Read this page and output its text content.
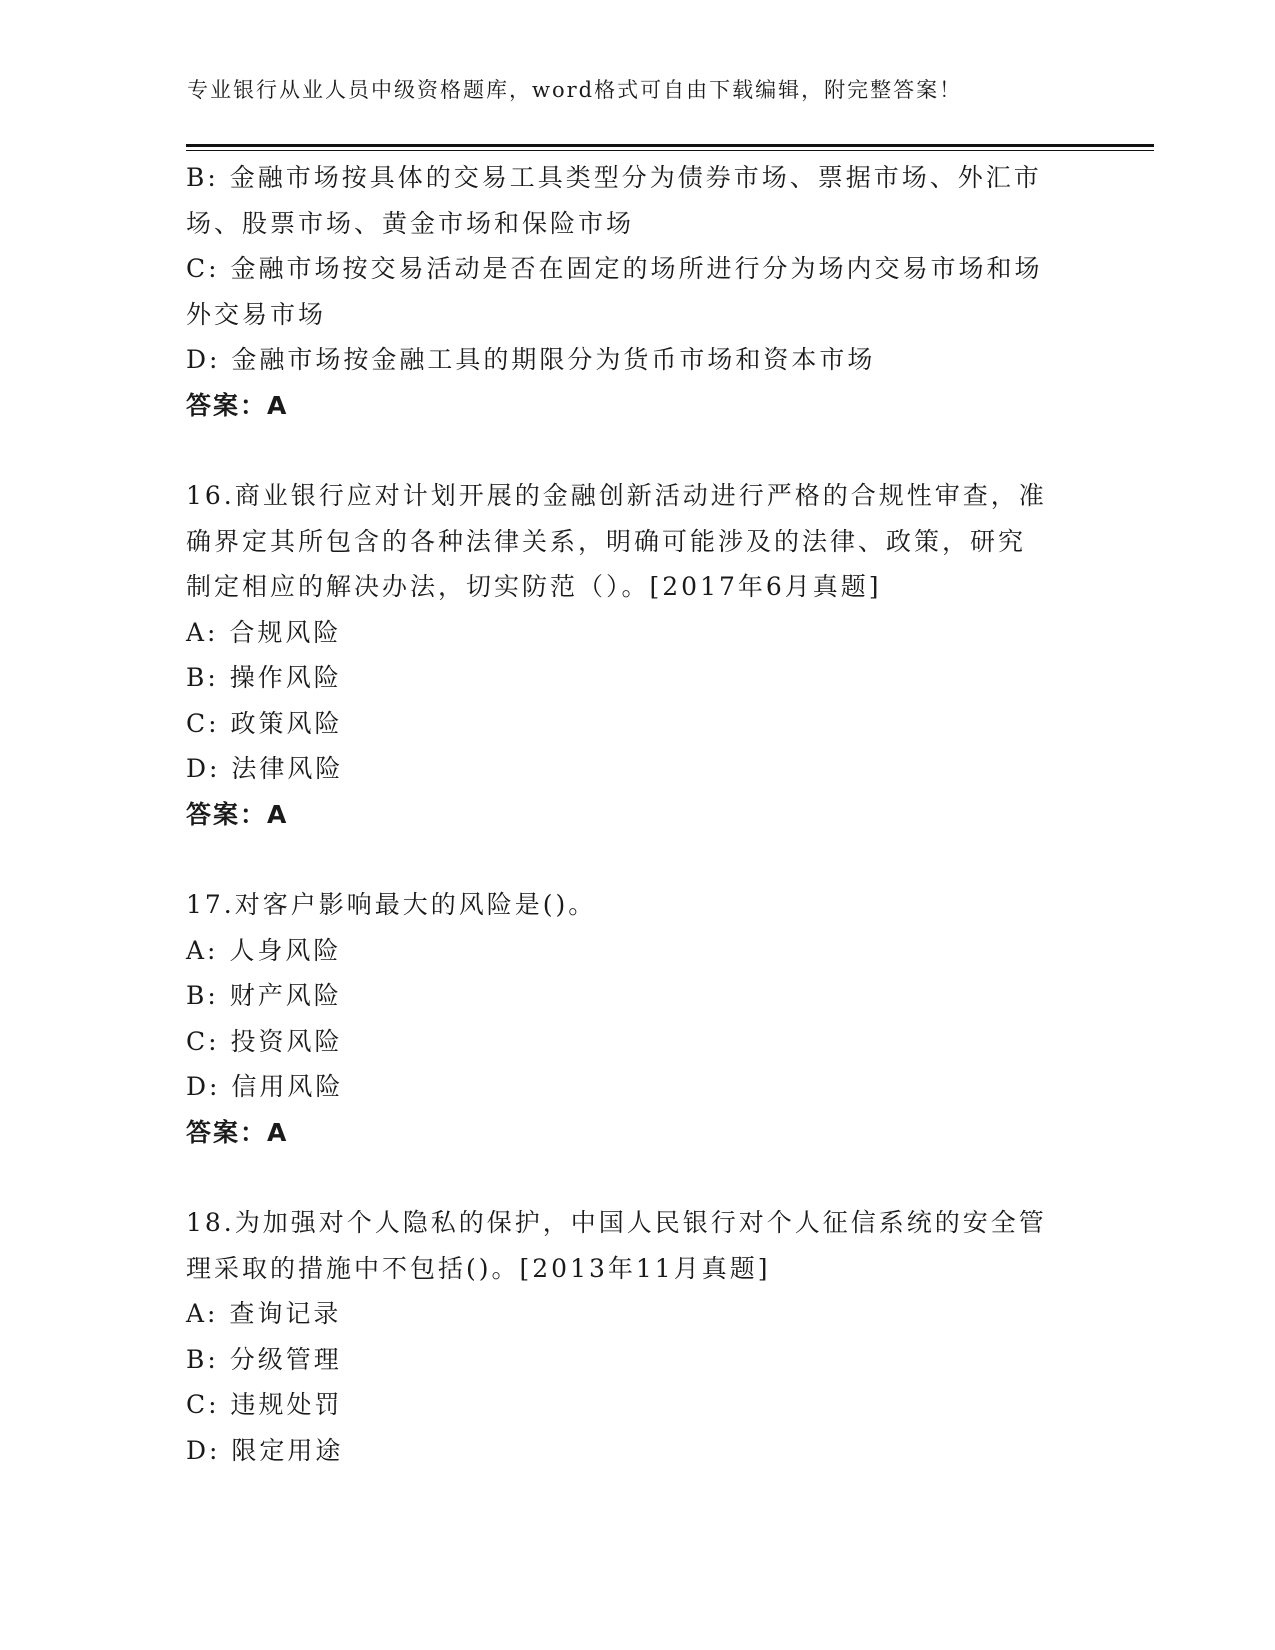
专业银行从业人员中级资格题库，word格式可自由下载编辑，附完整答案！
B: 金融市场按具体的交易工具类型分为债券市场、票据市场、外汇市
场、股票市场、黄金市场和保险市场
C: 金融市场按交易活动是否在固定的场所进行分为场内交易市场和场
外交易市场
D: 金融市场按金融工具的期限分为货币市场和资本市场
答案：A
16.商业银行应对计划开展的金融创新活动进行严格的合规性审查，准
确界定其所包含的各种法律关系，明确可能涉及的法律、政策，研究
制定相应的解决办法，切实防范（）。[2017年6月真题]
A: 合规风险
B: 操作风险
C: 政策风险
D: 法律风险
答案：A
17.对客户影响最大的风险是()。
A: 人身风险
B: 财产风险
C: 投资风险
D: 信用风险
答案：A
18.为加强对个人隐私的保护，中国人民银行对个人征信系统的安全管
理采取的措施中不包括()。[2013年11月真题]
A: 查询记录
B: 分级管理
C: 违规处罚
D: 限定用途
